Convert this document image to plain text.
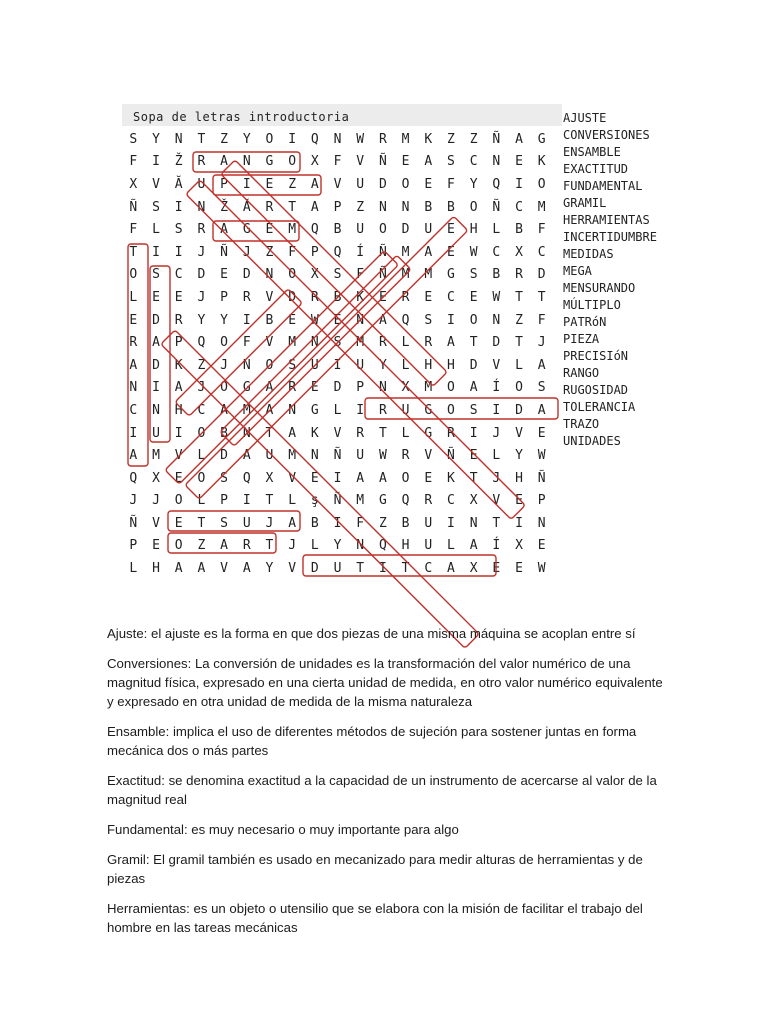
Sopa de letras introductoria
S	Y	N	T	Z	Y	O	I	Q	N	W	R	M	K	Z	Z	Ñ	A	G
F	I	Ž	R	A	N	G	O	X	F	V	Ñ	E	A	S	C	N	E	K
X	V	Ă	U	P	I	E	Z	A	V	U	D	O	E	F	Y	Q	I	O
Ñ	S	I	N	Ž	Ă	R	T	A	P	Z	N	N	B	B	O	Ñ	C	M
F	L	S	R	A	G	E	M	Q	B	U	O	D	U	E	H	L	B	F
T	I	I	J	Ñ	J	Z	F	P	Q	Í	Ñ	M	A	E	W	C	X	C
O	S	C	D	E	D	N	O	X	S	F	Ñ	M	M	G	S	B	R	D
L	E	E	J	P	R	V	D	R	B	K	E	R	E	C	E	W	T	T
E	D	R	Y	Y	I	B	E	W	E	N	A	Q	S	I	O	N	Z	F
R	A	P	Q	O	F	V	M	N	S	M	R	L	R	A	T	D	T	J
A	D	K	Z	J	N	O	S	U	I	U	Y	L	H	H	D	V	L	A
N	I	A	J	O	G	A	R	E	D	P	N	X	M	O	A	Í	O	S
C	N	H	C	A	M	A	N	G	L	I	R	U	G	O	S	I	D	A
I	U	I	O	B	N	T	A	K	V	R	T	L	G	R	I	J	V	E
A	M	V	L	D	A	U	M	N	Ñ	U	W	R	V	Ñ	E	L	Y	W
Q	X	E	O	S	Q	X	V	E	I	A	A	O	E	K	T	J	H	Ñ
J	J	O	L	P	I	T	L	ş	Ñ	M	G	Q	R	C	X	V	E	P
Ñ	V	E	T	S	U	J	A	B	I	F	Z	B	U	I	N	T	I	N
P	E	O	Z	A	R	T	J	L	Y	N	Q	H	U	L	A	Í	X	E
L	H	A	A	V	A	Y	V	D	U	T	I	T	C	A	X	E	E	W
AJUSTE
CONVERSIONES
ENSAMBLE
EXACTITUD
FUNDAMENTAL
GRAMIL
HERRAMIENTAS
INCERTIDUMBRE
MEDIDAS
MEGA
MENSURANDO
MÚLTIPLO
PATRóN
PIEZA
PRECISIóN
RANGO
RUGOSIDAD
TOLERANCIA
TRAZO
UNIDADES

Ajuste: el ajuste es la forma en que dos piezas de una misma máquina se acoplan entre sí

Conversiones: La conversión de unidades es la transformación del valor numérico de una magnitud física, expresado en una cierta unidad de medida, en otro valor numérico equivalente y expresado en otra unidad de medida de la misma naturaleza

Ensamble: implica el uso de diferentes métodos de sujeción para sostener juntas en forma mecánica dos o más partes

Exactitud: se denomina exactitud a la capacidad de un instrumento de acercarse al valor de la magnitud real

Fundamental: es muy necesario o muy importante para algo

Gramil: El gramil también es usado en mecanizado para medir alturas de herramientas y de piezas

Herramientas: es un objeto o utensilio que se elabora con la misión de facilitar el trabajo del hombre en las tareas mecánicas
